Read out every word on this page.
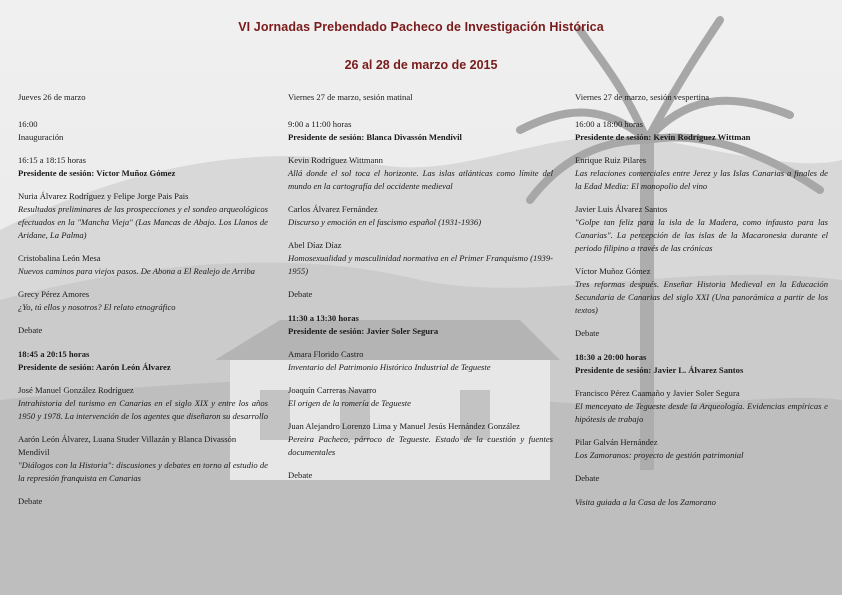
VI Jornadas Prebendado Pacheco de Investigación Histórica
26 al 28 de marzo de 2015
Jueves 26 de marzo
16:00
Inauguración
16:15 a 18:15 horas
Presidente de sesión: Víctor Muñoz Gómez
Nuria Álvarez Rodríguez y Felipe Jorge Pais Pais
Resultados preliminares de las prospecciones y el sondeo arqueológicos efectuados en la "Mancha Vieja" (Las Mancas de Abajo. Los Llanos de Aridane, La Palma)
Cristobalina León Mesa
Nuevos caminos para viejos pasos. De Abona a El Realejo de Arriba
Grecy Pérez Amores
¿Yo, tú ellos y nosotros? El relato etnográfico
Debate
18:45 a 20:15 horas
Presidente de sesión: Aarón León Álvarez
José Manuel González Rodríguez
Intrahistoria del turismo en Canarias en el siglo XIX y entre los años 1950 y 1978. La intervención de los agentes que diseñaron su desarrollo
Aarón León Álvarez, Luana Studer Villazán y Blanca Divassón Mendívil
"Diálogos con la Historia": discusiones y debates en torno al estudio de la represión franquista en Canarias
Debate
Viernes 27 de marzo, sesión matinal
9:00 a 11:00 horas
Presidente de sesión: Blanca Divassón Mendívil
Kevin Rodríguez Wittmann
Allá donde el sol toca el horizonte. Las islas atlánticas como límite del mundo en la cartografía del occidente medieval
Carlos Álvarez Fernández
Discurso y emoción en el fascismo español (1931-1936)
Abel Díaz Díaz
Homosexualidad y masculinidad normativa en el Primer Franquismo (1939-1955)
Debate
11:30 a 13:30 horas
Presidente de sesión: Javier Soler Segura
Amara Florido Castro
Inventario del Patrimonio Histórico Industrial de Tegueste
Joaquín Carreras Navarro
El origen de la romería de Tegueste
Juan Alejandro Lorenzo Lima y Manuel Jesús Hernández González
Pereira Pacheco, párroco de Tegueste. Estado de la cuestión y fuentes documentales
Debate
Viernes 27 de marzo, sesión vespertina
16:00 a 18:00 horas
Presidente de sesión: Kevin Rodríguez Wittman
Enrique Ruiz Pilares
Las relaciones comerciales entre Jerez y las Islas Canarias a finales de la Edad Media: El monopolio del vino
Javier Luis Álvarez Santos
"Golpe tan feliz para la isla de la Madera, como infausto para las Canarias". La percepción de las islas de la Macaronesia durante el periodo filipino a través de las crónicas
Víctor Muñoz Gómez
Tres reformas después. Enseñar Historia Medieval en la Educación Secundaria de Canarias del siglo XXI (Una panorámica a partir de los textos)
Debate
18:30 a 20:00 horas
Presidente de sesión: Javier L. Álvarez Santos
Francisco Pérez Caamaño y Javier Soler Segura
El menceyato de Tegueste desde la Arqueología. Evidencias empíricas e hipótesis de trabajo
Pilar Galván Hernández
Los Zamoranos: proyecto de gestión patrimonial
Debate
Visita guiada a la Casa de los Zamorano
